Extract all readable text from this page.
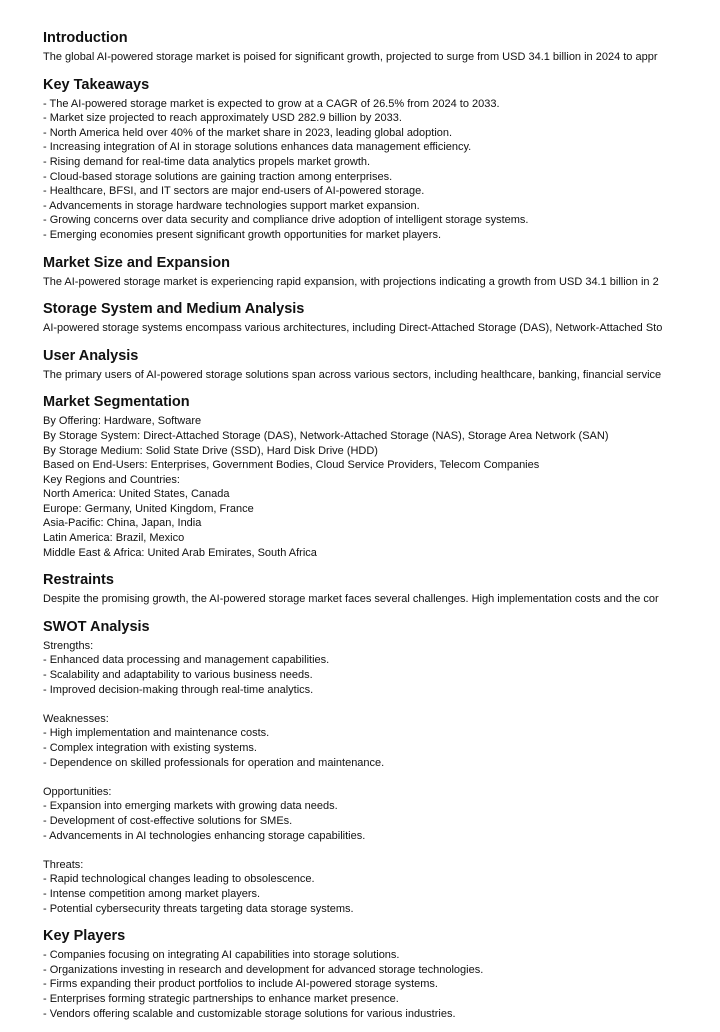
Introduction
The global AI-powered storage market is poised for significant growth, projected to surge from USD 34.1 billion in 2024 to appr
Key Takeaways
- The AI-powered storage market is expected to grow at a CAGR of 26.5% from 2024 to 2033.
- Market size projected to reach approximately USD 282.9 billion by 2033.
- North America held over 40% of the market share in 2023, leading global adoption.
- Increasing integration of AI in storage solutions enhances data management efficiency.
- Rising demand for real-time data analytics propels market growth.
- Cloud-based storage solutions are gaining traction among enterprises.
- Healthcare, BFSI, and IT sectors are major end-users of AI-powered storage.
- Advancements in storage hardware technologies support market expansion.
- Growing concerns over data security and compliance drive adoption of intelligent storage systems.
- Emerging economies present significant growth opportunities for market players.
Market Size and Expansion
The AI-powered storage market is experiencing rapid expansion, with projections indicating a growth from USD 34.1 billion in 2
Storage System and Medium Analysis
AI-powered storage systems encompass various architectures, including Direct-Attached Storage (DAS), Network-Attached Sto
User Analysis
The primary users of AI-powered storage solutions span across various sectors, including healthcare, banking, financial service
Market Segmentation
By Offering: Hardware, Software
By Storage System: Direct-Attached Storage (DAS), Network-Attached Storage (NAS), Storage Area Network (SAN)
By Storage Medium: Solid State Drive (SSD), Hard Disk Drive (HDD)
Based on End-Users: Enterprises, Government Bodies, Cloud Service Providers, Telecom Companies
Key Regions and Countries:
North America: United States, Canada
Europe: Germany, United Kingdom, France
Asia-Pacific: China, Japan, India
Latin America: Brazil, Mexico
Middle East & Africa: United Arab Emirates, South Africa
Restraints
Despite the promising growth, the AI-powered storage market faces several challenges. High implementation costs and the cor
SWOT Analysis
Strengths:
- Enhanced data processing and management capabilities.
- Scalability and adaptability to various business needs.
- Improved decision-making through real-time analytics.
Weaknesses:
- High implementation and maintenance costs.
- Complex integration with existing systems.
- Dependence on skilled professionals for operation and maintenance.
Opportunities:
- Expansion into emerging markets with growing data needs.
- Development of cost-effective solutions for SMEs.
- Advancements in AI technologies enhancing storage capabilities.
Threats:
- Rapid technological changes leading to obsolescence.
- Intense competition among market players.
- Potential cybersecurity threats targeting data storage systems.
Key Players
- Companies focusing on integrating AI capabilities into storage solutions.
- Organizations investing in research and development for advanced storage technologies.
- Firms expanding their product portfolios to include AI-powered storage systems.
- Enterprises forming strategic partnerships to enhance market presence.
- Vendors offering scalable and customizable storage solutions for various industries.
